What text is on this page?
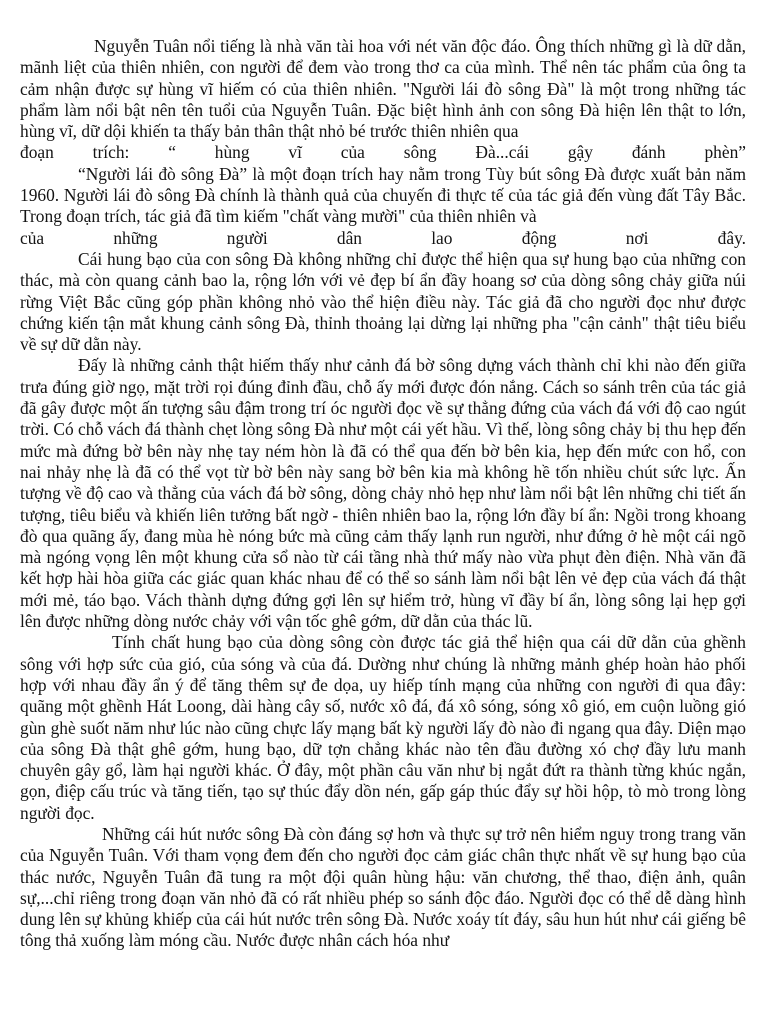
Nguyễn Tuân nổi tiếng là nhà văn tài hoa với nét văn độc đáo. Ông thích những gì là dữ dằn, mãnh liệt của thiên nhiên, con người để đem vào trong thơ ca của mình. Thể nên tác phẩm của ông ta cảm nhận được sự hùng vĩ hiếm có của thiên nhiên. "Người lái đò sông Đà" là một trong những tác phẩm làm nổi bật nên tên tuổi của Nguyễn Tuân. Đặc biệt hình ảnh con sông Đà hiện lên thật to lớn, hùng vĩ, dữ dội khiến ta thấy bản thân thật nhỏ bé trước thiên nhiên qua

đoạn trích: “ hùng vĩ của sông Đà...cái gậy đánh phèn”

“Người lái đò sông Đà” là một đoạn trích hay nằm trong Tùy bút sông Đà được xuất bản năm 1960. Người lái đò sông Đà chính là thành quả của chuyến đi thực tế của tác giả đến vùng đất Tây Bắc. Trong đoạn trích, tác giả đã tìm kiếm "chất vàng mười" của thiên nhiên và

của những người dân lao động nơi đây.

Cái hung bạo của con sông Đà không những chỉ được thể hiện qua sự hung bạo của những con thác, mà còn quang cảnh bao la, rộng lớn với vẻ đẹp bí ẩn đầy hoang sơ của dòng sông chảy giữa núi rừng Việt Bắc cũng góp phần không nhỏ vào thể hiện điều này. Tác giả đã cho người đọc như được chứng kiến tận mắt khung cảnh sông Đà, thỉnh thoảng lại dừng lại những pha "cận cảnh" thật tiêu biểu về sự dữ dằn này.

Đấy là những cảnh thật hiếm thấy như cảnh đá bờ sông dựng vách thành chỉ khi nào đến giữa trưa đúng giờ ngọ, mặt trời rọi đúng đỉnh đầu, chỗ ấy mới được đón nắng. Cách so sánh trên của tác giả đã gây được một ấn tượng sâu đậm trong trí óc người đọc về sự thẳng đứng của vách đá với độ cao ngút trời. Có chỗ vách đá thành chẹt lòng sông Đà như một cái yết hầu. Vì thế, lòng sông chảy bị thu hẹp đến mức mà đứng bờ bên này nhẹ tay ném hòn là đã có thể qua đến bờ bên kia, hẹp đến mức con hổ, con nai nhảy nhẹ là đã có thể vọt từ bờ bên này sang bờ bên kia mà không hề tốn nhiều chút sức lực. Ấn tượng về độ cao và thẳng của vách đá bờ sông, dòng chảy nhỏ hẹp như làm nổi bật lên những chi tiết ấn tượng, tiêu biểu và khiến liên tưởng bất ngờ - thiên nhiên bao la, rộng lớn đầy bí ẩn: Ngồi trong khoang đò qua quãng ấy, đang mùa hè nóng bức mà cũng cảm thấy lạnh run người, như đứng ở hè một cái ngõ mà ngóng vọng lên một khung cửa sổ nào từ cái tầng nhà thứ mấy nào vừa phụt đèn điện. Nhà văn đã kết hợp hài hòa giữa các giác quan khác nhau để có thể so sánh làm nổi bật lên vẻ đẹp của vách đá thật mới mẻ, táo bạo. Vách thành dựng đứng gợi lên sự hiểm trở, hùng vĩ đầy bí ẩn, lòng sông lại hẹp gợi lên được những dòng nước chảy với vận tốc ghê gớm, dữ dằn của thác lũ.

Tính chất hung bạo của dòng sông còn được tác giả thể hiện qua cái dữ dằn của ghềnh sông với hợp sức của gió, của sóng và của đá. Dường như chúng là những mảnh ghép hoàn hảo phối hợp với nhau đầy ẩn ý để tăng thêm sự đe dọa, uy hiếp tính mạng của những con người đi qua đây: quãng một ghềnh Hát Loong, dài hàng cây số, nước xô đá, đá xô sóng, sóng xô gió, em cuộn luồng gió gùn ghè suốt năm như lúc nào cũng chực lấy mạng bất kỳ người lấy đò nào đi ngang qua đây. Diện mạo của sông Đà thật ghê gớm, hung bạo, dữ tợn chẳng khác nào tên đầu đường xó chợ đầy lưu manh chuyên gây gổ, làm hại người khác. Ở đây, một phần câu văn như bị ngắt đứt ra thành từng khúc ngắn, gọn, điệp cấu trúc và tăng tiến, tạo sự thúc đẩy dồn nén, gấp gáp thúc đẩy sự hồi hộp, tò mò trong lòng người đọc.

Những cái hút nước sông Đà còn đáng sợ hơn và thực sự trở nên hiểm nguy trong trang văn của Nguyễn Tuân. Với tham vọng đem đến cho người đọc cảm giác chân thực nhất về sự hung bạo của thác nước, Nguyễn Tuân đã tung ra một đội quân hùng hậu: văn chương, thể thao, điện ảnh, quân sự,...chỉ riêng trong đoạn văn nhỏ đã có rất nhiều phép so sánh độc đáo. Người đọc có thể dễ dàng hình dung lên sự khủng khiếp của cái hút nước trên sông Đà. Nước xoáy tít đáy, sâu hun hút như cái giếng bê tông thả xuống làm móng cầu. Nước được nhân cách hóa như
